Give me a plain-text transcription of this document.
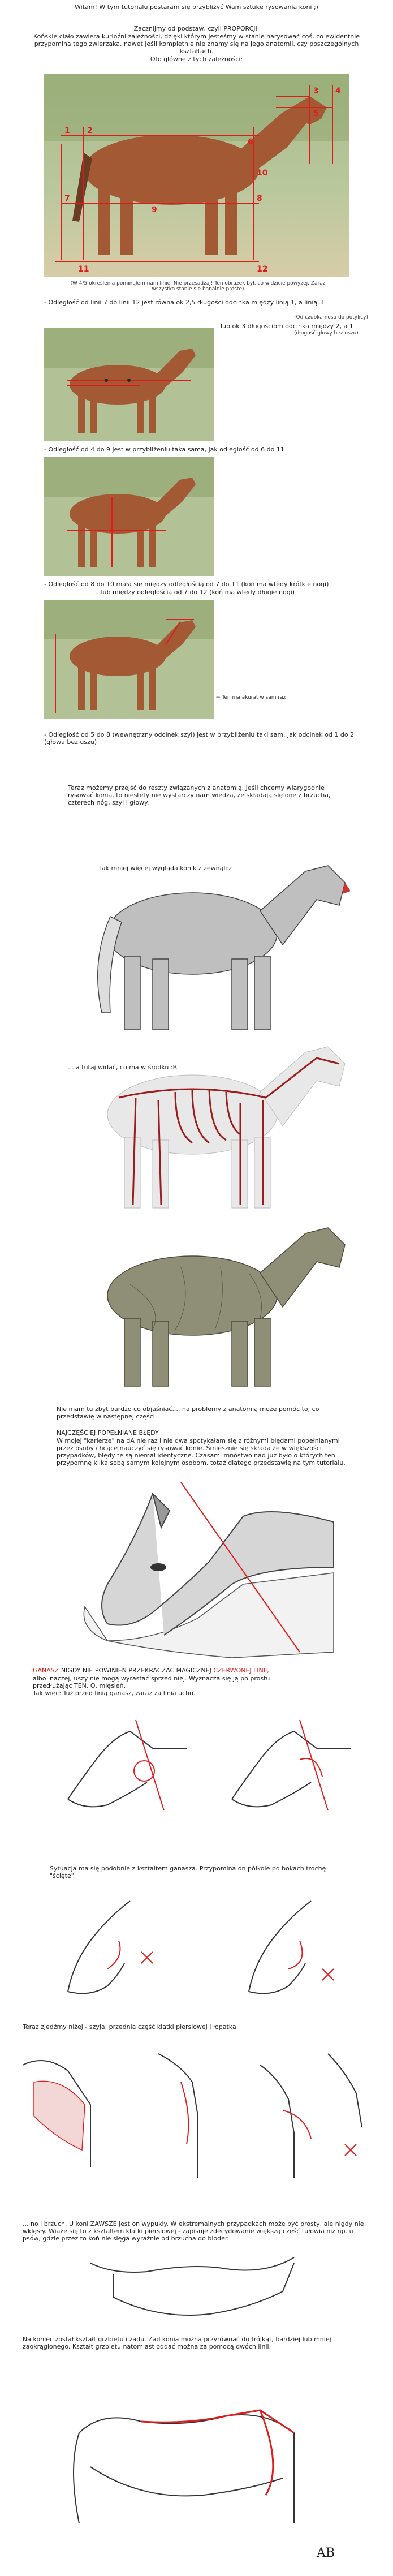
Witam! W tym tutorialu postaram się przybliżyć Wam sztukę rysowania koni ;)
Zacznijmy od podstaw, czyli PROPORCJI.
Końskie ciało zawiera kurioźni zależności, dzięki którym jesteśmy w stanie narysować coś, co ewidentnie przypomina tego zwierzaka, nawet jeśli kompletnie nie znamy się na jego anatomii, czy poszczególnych kształtach.
Oto główne z tych zależności:
1 2
3 4
5
6
7	8
9
10
11	12
(W 4/5 określenia pominąłem nam linie. Nie przesadzaj! Ten obrazek był, co widzicie powyżej. Zaraz wszystko stanie się banalnie proste)
- Odległość od linii 7 do linii 12 jest równa ok 2,5 długości odcinka między linią 1, a linią 3
(Od czubka nosa do potylicy)
lub ok 3 długościom odcinka między 2, a 1
(długość głowy bez uszu)
- Odległość od 4 do 9 jest w przybliżeniu taka sama, jak odległość od 6 do 11
- Odległość od 8 do 10 mała się między odległością od 7 do 11 (koń ma wtedy krótkie nogi)
...lub między odległością od 7 do 12 (koń ma wtedy długie nogi)
← Ten ma akurat w sam raz
- Odległość od 5 do 8 (wewnętrzny odcinek szyi) jest w przybliżeniu taki sam, jak odcinek od 1 do 2 (głowa bez uszu)
Teraz możemy przejść do reszty związanych z anatomią. Jeśli chcemy wiarygodnie rysować konia, to niestety nie wystarczy nam wiedza, że składają się one z brzucha, czterech nóg, szyi i głowy.
Tak mniej więcej wygląda konik z zewnątrz
... a tutaj widać, co ma w środku :B
Nie mam tu zbyt bardzo co objaśniać.... na problemy z anatomią może pomóc to, co przedstawię w następnej części.
NAJCZĘŚCIEJ POPEŁNIANE BŁĘDY
W mojej "karierze" na dA nie raz i nie dwa spotykałam się z różnymi błędami popełnianymi przez osoby chcące nauczyć się rysować konie. Śmiesznie się składa że w większości przypadków, błędy te są niemal identyczne. Czasami mnóstwo nad już było o których ten przypomnę kilka sobą samym kolejnym osobom, totaż dlatego przedstawię na tym tutorialu.
GANASZ NIGDY NIE POWINIEN PRZEKRACZAĆ MAGICZNEJ CZERWONEJ LINII,
albo inaczej, uszy nie mogą wyrastać sprzed niej. Wyznacza się ją po prostu przedłużając TEN, O, mięsień.
Tak więc: Tuż przed linią ganasz, zaraz za linią ucho.
Sytuacja ma się podobnie z kształtem ganasza. Przypomina on półkole po bokach trochę "ścięte".
Teraz zjedźmy niżej - szyja, przednia część klatki piersiowej i łopatka.
... no i brzuch. U koni ZAWSZE jest on wypukły. W ekstremalnych przypadkach może być prosty, ale nigdy nie wklęsły. Wiąże się to z kształtem klatki piersiowej - zapisuje zdecydowanie większą część tułowia niż np. u psów, gdzie przez to koń nie sięga wyraźnie od brzucha do bioder.
Na koniec został kształt grzbietu i zadu. Żad konia można przyrównać do trójkąt, bardziej lub mniej zaokrąglonego. Kształt grzbietu natomiast oddać można za pomocą dwóch linii.
AB
